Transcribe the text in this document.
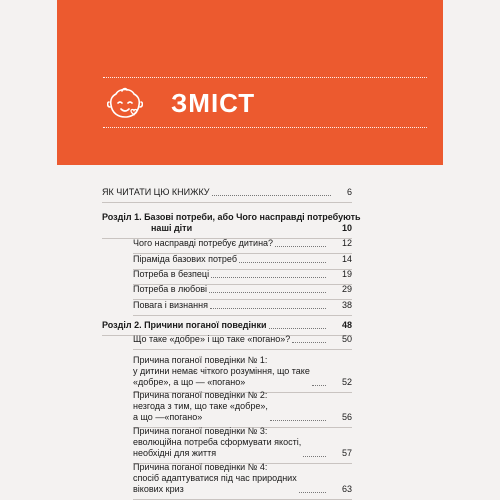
ЗМІСТ
ЯК ЧИТАТИ ЦЮ КНИЖКУ	6
Розділ 1. Базові потреби, або Чого насправді потребують
наші діти	10
Чого насправді потребує дитина?	12
Піраміда базових потреб	14
Потреба в безпеці	19
Потреба в любові	29
Повага і визнання	38
Розділ 2. Причини поганої поведінки	48
Що таке «добре» і що таке «погано»?	50
Причина поганої поведінки № 1:
у дитини немає чіткого розуміння, що таке
«добре», а що — «погано»	52
Причина поганої поведінки № 2:
незгода з тим, що таке «добре»,
а що —«погано»	56
Причина поганої поведінки № 3:
еволюційна потреба сформувати якості,
необхідні для життя	57
Причина поганої поведінки № 4:
спосіб адаптуватися під час природних
вікових криз	63
